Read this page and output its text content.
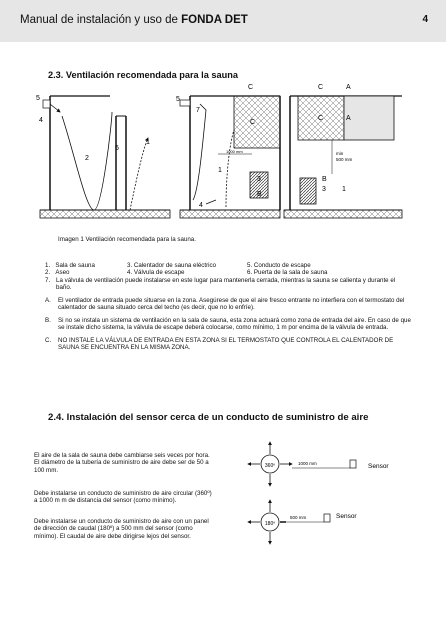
Manual de instalación y uso de FONDA DET	4
2.3. Ventilación recomendada para la sauna
5
4
2
6
1
5
7
C
C
1000 mm
1
3
B
4
C	A
C	A
min
500 mm
B
3 1
Imagen 1 Ventilación recomendada para la sauna.
1. Sala de sauna	3. Calentador de sauna eléctrico	5. Conducto de escape
2. Aseo	4. Válvula de escape	6. Puerta de la sala de sauna
7. La válvula de ventilación puede instalarse en este lugar para mantenerla cerrada, mientras la sauna se calienta y durante el baño.
A.	El ventilador de entrada puede situarse en la zona. Asegúrese de que el aire fresco entrante no interfiera con el termostato del calentador de sauna situado cerca del techo (es decir, que no lo enfríe).
B.	Si no se instala un sistema de ventilación en la sala de sauna, esta zona actuará como zona de entrada del aire. En caso de que se instale dicho sistema, la válvula de escape deberá colocarse, como mínimo, 1 m por encima de la válvula de entrada.
C.	NO INSTALE LA VÁLVULA DE ENTRADA EN ESTA ZONA SI EL TERMOSTATO QUE CONTROLA EL CALENTADOR DE SAUNA SE ENCUENTRA EN LA MISMA ZONA.
2.4. Instalación del sensor cerca de un conducto de suministro de aire
El aire de la sala de sauna debe cambiarse seis veces por hora. El diámetro de la tubería de suministro de aire debe ser de 50 a 100 mm.
Debe instalarse un conducto de suministro de aire circular (360º) a 1000 m m de distancia del sensor (como mínimo).
Debe instalarse un conducto de suministro de aire con un panel de dirección de caudal (180º) a 500 mm del sensor (como mínimo). El caudal de aire debe dirigirse lejos del sensor.
360º	1000 mm	Sensor
180º
500 mm	Sensor
